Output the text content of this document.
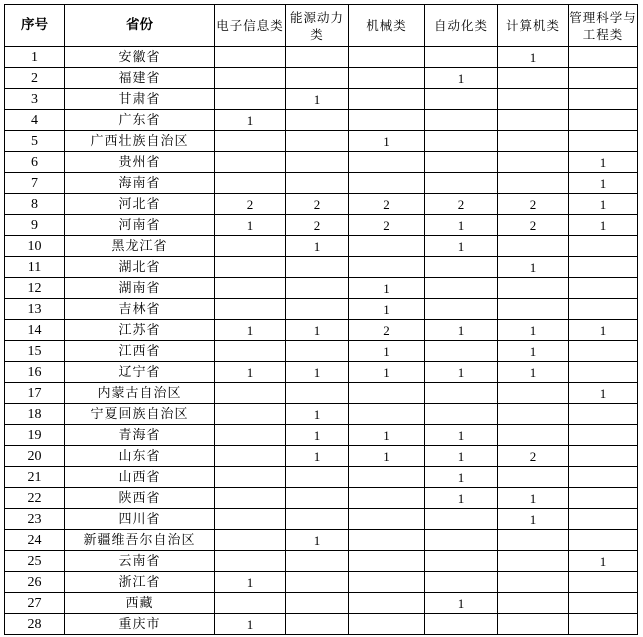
序号	省份	电子信息类	能源动力类	机械类	自动化类	计算机类	管理科学与工程类
1	安徽省					1	
2	福建省				1		
3	甘肃省		1				
4	广东省	1					
5	广西壮族自治区			1			
6	贵州省						1
7	海南省						1
8	河北省	2	2	2	2	2	1
9	河南省	1	2	2	1	2	1
10	黑龙江省		1		1		
11	湖北省					1	
12	湖南省			1			
13	吉林省			1			
14	江苏省	1	1	2	1	1	1
15	江西省			1		1	
16	辽宁省	1	1	1	1	1	
17	内蒙古自治区						1
18	宁夏回族自治区		1				
19	青海省		1	1	1		
20	山东省		1	1	1	2	
21	山西省				1		
22	陕西省				1	1	
23	四川省					1	
24	新疆维吾尔自治区		1				
25	云南省						1
26	浙江省	1					
27	西藏				1		
28	重庆市	1					
